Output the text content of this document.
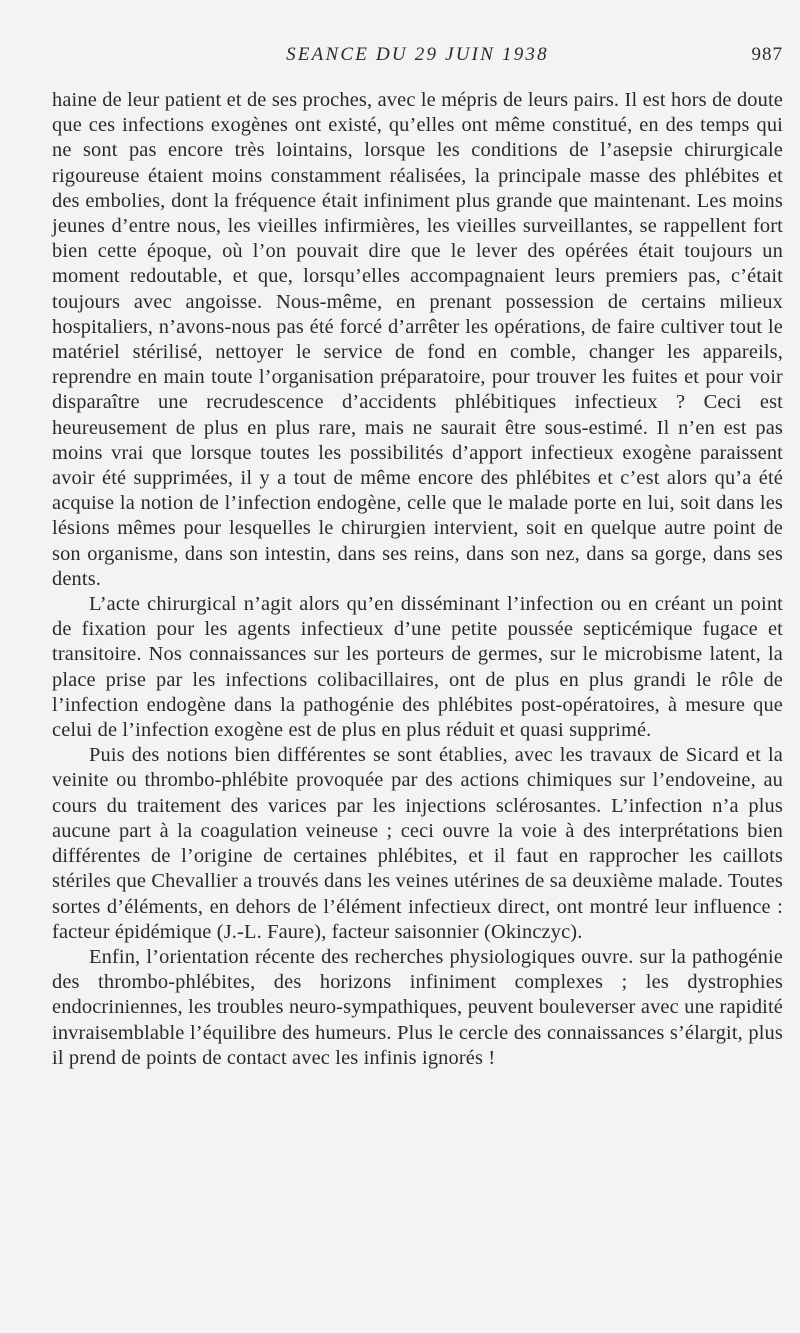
SEANCE DU 29 JUIN 1938	987

haine de leur patient et de ses proches, avec le mépris de leurs pairs. Il est hors de doute que ces infections exogènes ont existé, qu’elles ont même constitué, en des temps qui ne sont pas encore très lointains, lorsque les conditions de l’asepsie chirurgicale rigoureuse étaient moins constamment réalisées, la principale masse des phlébites et des embolies, dont la fréquence était infiniment plus grande que maintenant. Les moins jeunes d’entre nous, les vieilles infirmières, les vieilles surveillantes, se rappellent fort bien cette époque, où l’on pouvait dire que le lever des opérées était toujours un moment redoutable, et que, lorsqu’elles accompagnaient leurs premiers pas, c’était toujours avec angoisse. Nous-même, en prenant possession de certains milieux hospitaliers, n’avons-nous pas été forcé d’arrêter les opérations, de faire cultiver tout le matériel stérilisé, nettoyer le service de fond en comble, changer les appareils, reprendre en main toute l’organisation préparatoire, pour trouver les fuites et pour voir disparaître une recrudescence d’accidents phlébitiques infectieux ? Ceci est heureusement de plus en plus rare, mais ne saurait être sous-estimé. Il n’en est pas moins vrai que lorsque toutes les possibilités d’apport infectieux exogène paraissent avoir été supprimées, il y a tout de même encore des phlébites et c’est alors qu’a été acquise la notion de l’infection endogène, celle que le malade porte en lui, soit dans les lésions mêmes pour lesquelles le chirurgien intervient, soit en quelque autre point de son organisme, dans son intestin, dans ses reins, dans son nez, dans sa gorge, dans ses dents.

L’acte chirurgical n’agit alors qu’en disséminant l’infection ou en créant un point de fixation pour les agents infectieux d’une petite poussée septicémique fugace et transitoire. Nos connaissances sur les porteurs de germes, sur le microbisme latent, la place prise par les infections colibacillaires, ont de plus en plus grandi le rôle de l’infection endogène dans la pathogénie des phlébites post-opératoires, à mesure que celui de l’infection exogène est de plus en plus réduit et quasi supprimé.

Puis des notions bien différentes se sont établies, avec les travaux de Sicard et la veinite ou thrombo-phlébite provoquée par des actions chimiques sur l’endoveine, au cours du traitement des varices par les injections sclérosantes. L’infection n’a plus aucune part à la coagulation veineuse ; ceci ouvre la voie à des interprétations bien différentes de l’origine de certaines phlébites, et il faut en rapprocher les caillots stériles que Chevallier a trouvés dans les veines utérines de sa deuxième malade. Toutes sortes d’éléments, en dehors de l’élément infectieux direct, ont montré leur influence : facteur épidémique (J.-L. Faure), facteur saisonnier (Okinczyc).

Enfin, l’orientation récente des recherches physiologiques ouvre. sur la pathogénie des thrombo-phlébites, des horizons infiniment complexes ; les dystrophies endocriniennes, les troubles neuro-sympathiques, peuvent bouleverser avec une rapidité invraisemblable l’équilibre des humeurs. Plus le cercle des connaissances s’élargit, plus il prend de points de contact avec les infinis ignorés !
